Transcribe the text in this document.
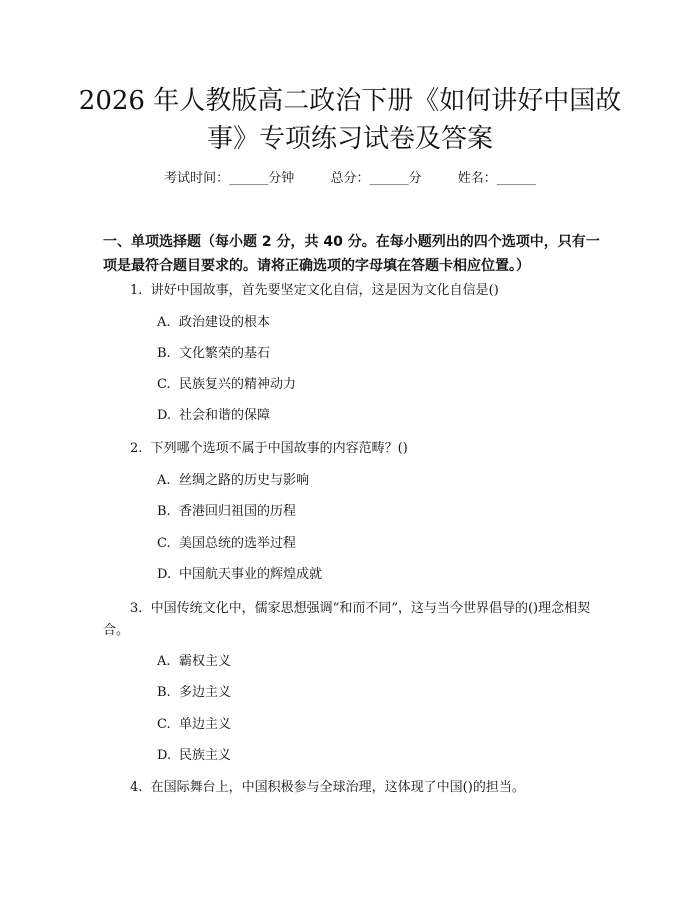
2026 年人教版高二政治下册《如何讲好中国故事》专项练习试卷及答案
考试时间：______分钟	总分：______分	姓名：______
一、单项选择题（每小题 2 分，共 40 分。在每小题列出的四个选项中，只有一项是最符合题目要求的。请将正确选项的字母填在答题卡相应位置。）
1. 讲好中国故事，首先要坚定文化自信，这是因为文化自信是()
A. 政治建设的根本
B. 文化繁荣的基石
C. 民族复兴的精神动力
D. 社会和谐的保障
2. 下列哪个选项不属于中国故事的内容范畴？()
A. 丝绸之路的历史与影响
B. 香港回归祖国的历程
C. 美国总统的选举过程
D. 中国航天事业的辉煌成就
3. 中国传统文化中，儒家思想强调“和而不同”，这与当今世界倡导的()理念相契合。
A. 霸权主义
B. 多边主义
C. 单边主义
D. 民族主义
4. 在国际舞台上，中国积极参与全球治理，这体现了中国()的担当。
